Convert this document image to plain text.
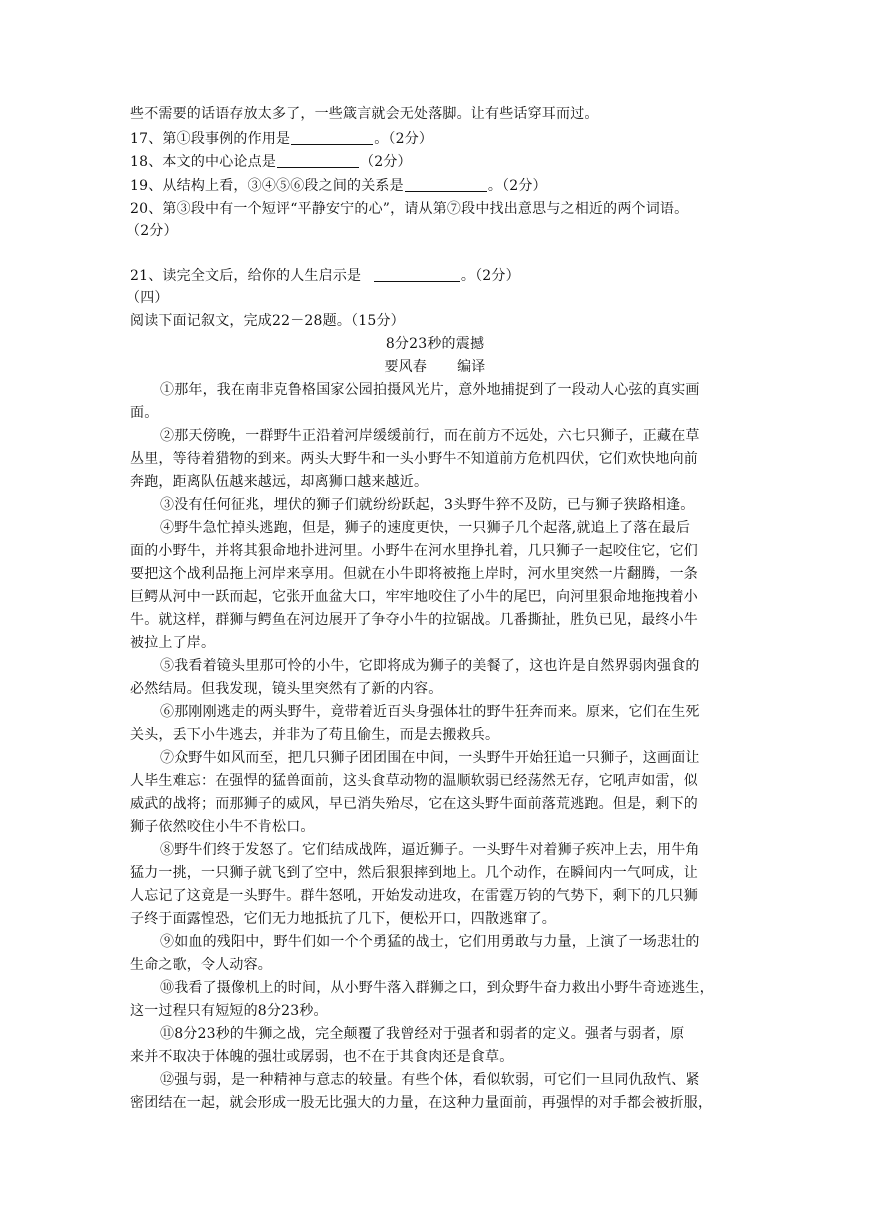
些不需要的话语存放太多了，一些箴言就会无处落脚。让有些话穿耳而过。

17、第①段事例的作用是	。（2分）

18、本文的中心论点是	（2分）

19、从结构上看，③④⑤⑥段之间的关系是	。（2分）

20、第③段中有一个短评“平静安宁的心”，请从第⑦段中找出意思与之相近的两个词语。

（2分）

21、读完全文后，给你的人生启示是	。（2分）

（四）

阅读下面记叙文，完成22－28题。（15分）

8分23秒的震撼

要风春 编译

①那年，我在南非克鲁格国家公园拍摄风光片，意外地捕捉到了一段动人心弦的真实画

面。

②那天傍晚，一群野牛正沿着河岸缓缓前行，而在前方不远处，六七只狮子，正藏在草

丛里，等待着猎物的到来。两头大野牛和一头小野牛不知道前方危机四伏，它们欢快地向前

奔跑，距离队伍越来越远，却离狮口越来越近。

③没有任何征兆，埋伏的狮子们就纷纷跃起，3头野牛猝不及防，已与狮子狭路相逢。

④野牛急忙掉头逃跑，但是，狮子的速度更快，一只狮子几个起落,就追上了落在最后

面的小野牛，并将其狠命地扑进河里。小野牛在河水里挣扎着，几只狮子一起咬住它，它们

要把这个战利品拖上河岸来享用。但就在小牛即将被拖上岸时，河水里突然一片翻腾，一条

巨鳄从河中一跃而起，它张开血盆大口，牢牢地咬住了小牛的尾巴，向河里狠命地拖拽着小

牛。就这样，群狮与鳄鱼在河边展开了争夺小牛的拉锯战。几番撕扯，胜负已见，最终小牛

被拉上了岸。

⑤我看着镜头里那可怜的小牛，它即将成为狮子的美餐了，这也许是自然界弱肉强食的

必然结局。但我发现，镜头里突然有了新的内容。

⑥那刚刚逃走的两头野牛，竟带着近百头身强体壮的野牛狂奔而来。原来，它们在生死

关头，丢下小牛逃去，并非为了苟且偷生，而是去搬救兵。

⑦众野牛如风而至，把几只狮子团团围在中间，一头野牛开始狂追一只狮子，这画面让

人毕生难忘：在强悍的猛兽面前，这头食草动物的温顺软弱已经荡然无存，它吼声如雷，似

威武的战将；而那狮子的威风，早已消失殆尽，它在这头野牛面前落荒逃跑。但是，剩下的

狮子依然咬住小牛不肯松口。

⑧野牛们终于发怒了。它们结成战阵，逼近狮子。一头野牛对着狮子疾冲上去，用牛角

猛力一挑，一只狮子就飞到了空中，然后狠狠摔到地上。几个动作，在瞬间内一气呵成，让

人忘记了这竟是一头野牛。群牛怒吼，开始发动进攻，在雷霆万钧的气势下，剩下的几只狮

子终于面露惶恐，它们无力地抵抗了几下，便松开口，四散逃窜了。

⑨如血的残阳中，野牛们如一个个勇猛的战士，它们用勇敢与力量，上演了一场悲壮的

生命之歌，令人动容。

⑩我看了摄像机上的时间，从小野牛落入群狮之口，到众野牛奋力救出小野牛奇迹逃生，

这一过程只有短短的8分23秒。

⑪8分23秒的牛狮之战，完全颠覆了我曾经对于强者和弱者的定义。强者与弱者，原

来并不取决于体魄的强壮或孱弱，也不在于其食肉还是食草。

⑫强与弱，是一种精神与意志的较量。有些个体，看似软弱，可它们一旦同仇敌忾、紧

密团结在一起，就会形成一股无比强大的力量，在这种力量面前，再强悍的对手都会被折服，
